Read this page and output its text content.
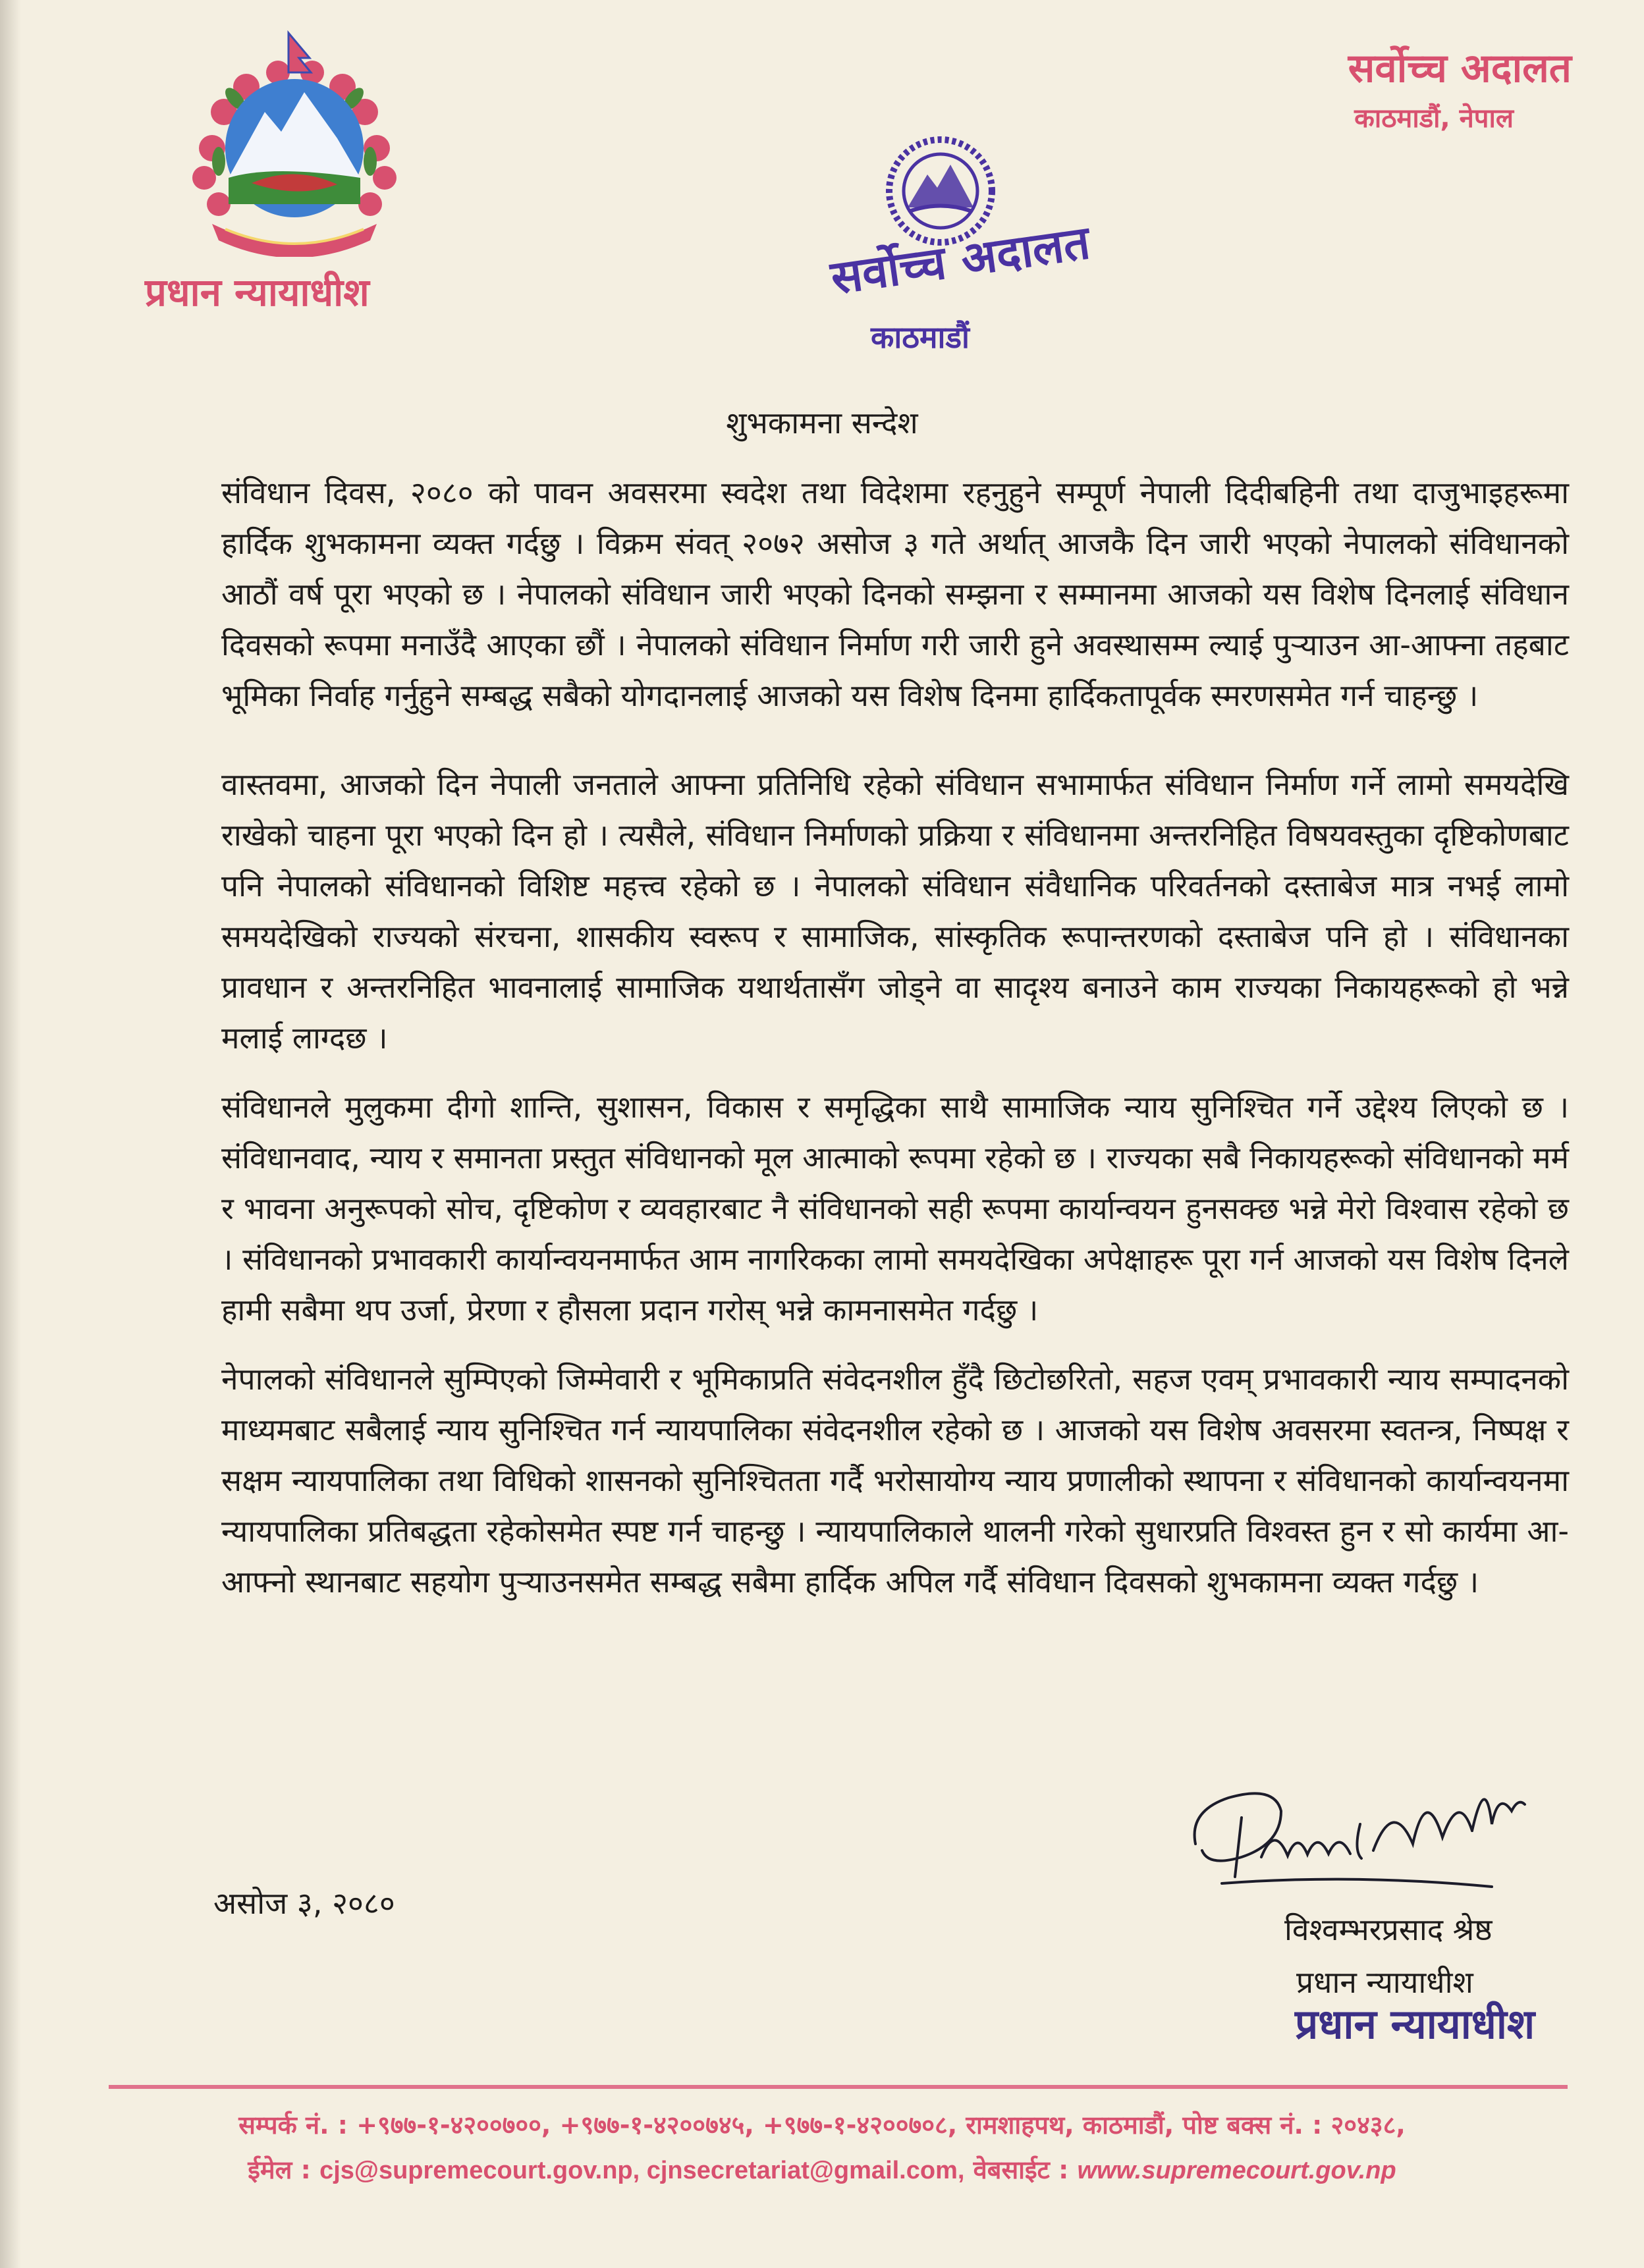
प्रधान न्यायाधीश
सर्वोच्च अदालत
काठमाडौं, नेपाल
सर्वोच्च अदालत
काठमाडौं
शुभकामना सन्देश

संविधान दिवस, २०८० को पावन अवसरमा स्वदेश तथा विदेशमा रहनुहुने सम्पूर्ण नेपाली दिदीबहिनी तथा दाजुभाइहरूमा हार्दिक शुभकामना व्यक्त गर्दछु । विक्रम संवत् २०७२ असोज ३ गते अर्थात् आजकै दिन जारी भएको नेपालको संविधानको आठौं वर्ष पूरा भएको छ । नेपालको संविधान जारी भएको दिनको सम्झना र सम्मानमा आजको यस विशेष दिनलाई संविधान दिवसको रूपमा मनाउँदै आएका छौं । नेपालको संविधान निर्माण गरी जारी हुने अवस्थासम्म ल्याई पुर्‍याउन आ-आफ्ना तहबाट भूमिका निर्वाह गर्नुहुने सम्बद्ध सबैको योगदानलाई आजको यस विशेष दिनमा हार्दिकतापूर्वक स्मरणसमेत गर्न चाहन्छु ।

वास्तवमा, आजको दिन नेपाली जनताले आफ्ना प्रतिनिधि रहेको संविधान सभामार्फत संविधान निर्माण गर्ने लामो समयदेखि राखेको चाहना पूरा भएको दिन हो । त्यसैले, संविधान निर्माणको प्रक्रिया र संविधानमा अन्तरनिहित विषयवस्तुका दृष्टिकोणबाट पनि नेपालको संविधानको विशिष्ट महत्त्व रहेको छ । नेपालको संविधान संवैधानिक परिवर्तनको दस्ताबेज मात्र नभई लामो समयदेखिको राज्यको संरचना, शासकीय स्वरूप र सामाजिक, सांस्कृतिक रूपान्तरणको दस्ताबेज पनि हो । संविधानका प्रावधान र अन्तरनिहित भावनालाई सामाजिक यथार्थतासँग जोड्ने वा सादृश्य बनाउने काम राज्यका निकायहरूको हो भन्ने मलाई लाग्दछ ।

संविधानले मुलुकमा दीगो शान्ति, सुशासन, विकास र समृद्धिका साथै सामाजिक न्याय सुनिश्चित गर्ने उद्देश्य लिएको छ । संविधानवाद, न्याय र समानता प्रस्तुत संविधानको मूल आत्माको रूपमा रहेको छ । राज्यका सबै निकायहरूको संविधानको मर्म र भावना अनुरूपको सोच, दृष्टिकोण र व्यवहारबाट नै संविधानको सही रूपमा कार्यान्वयन हुनसक्छ भन्ने मेरो विश्वास रहेको छ । संविधानको प्रभावकारी कार्यान्वयनमार्फत आम नागरिकका लामो समयदेखिका अपेक्षाहरू पूरा गर्न आजको यस विशेष दिनले हामी सबैमा थप उर्जा, प्रेरणा र हौसला प्रदान गरोस् भन्ने कामनासमेत गर्दछु ।

नेपालको संविधानले सुम्पिएको जिम्मेवारी र भूमिकाप्रति संवेदनशील हुँदै छिटोछरितो, सहज एवम् प्रभावकारी न्याय सम्पादनको माध्यमबाट सबैलाई न्याय सुनिश्चित गर्न न्यायपालिका संवेदनशील रहेको छ । आजको यस विशेष अवसरमा स्वतन्त्र, निष्पक्ष र सक्षम न्यायपालिका तथा विधिको शासनको सुनिश्चितता गर्दै भरोसायोग्य न्याय प्रणालीको स्थापना र संविधानको कार्यान्वयनमा न्यायपालिका प्रतिबद्धता रहेकोसमेत स्पष्ट गर्न चाहन्छु । न्यायपालिकाले थालनी गरेको सुधारप्रति विश्वस्त हुन र सो कार्यमा आ-आफ्नो स्थानबाट सहयोग पुर्‍याउनसमेत सम्बद्ध सबैमा हार्दिक अपिल गर्दै संविधान दिवसको शुभकामना व्यक्त गर्दछु ।

असोज ३, २०८०
विश्वम्भरप्रसाद श्रेष्ठ
प्रधान न्यायाधीश
प्रधान न्यायाधीश
सम्पर्क नं. : +९७७-१-४२००७००, +९७७-१-४२००७४५, +९७७-१-४२००७०८, रामशाहपथ, काठमाडौं, पोष्ट बक्स नं. : २०४३८,
ईमेल : cjs@supremecourt.gov.np, cjnsecretariat@gmail.com, वेबसाईट : www.supremecourt.gov.np
